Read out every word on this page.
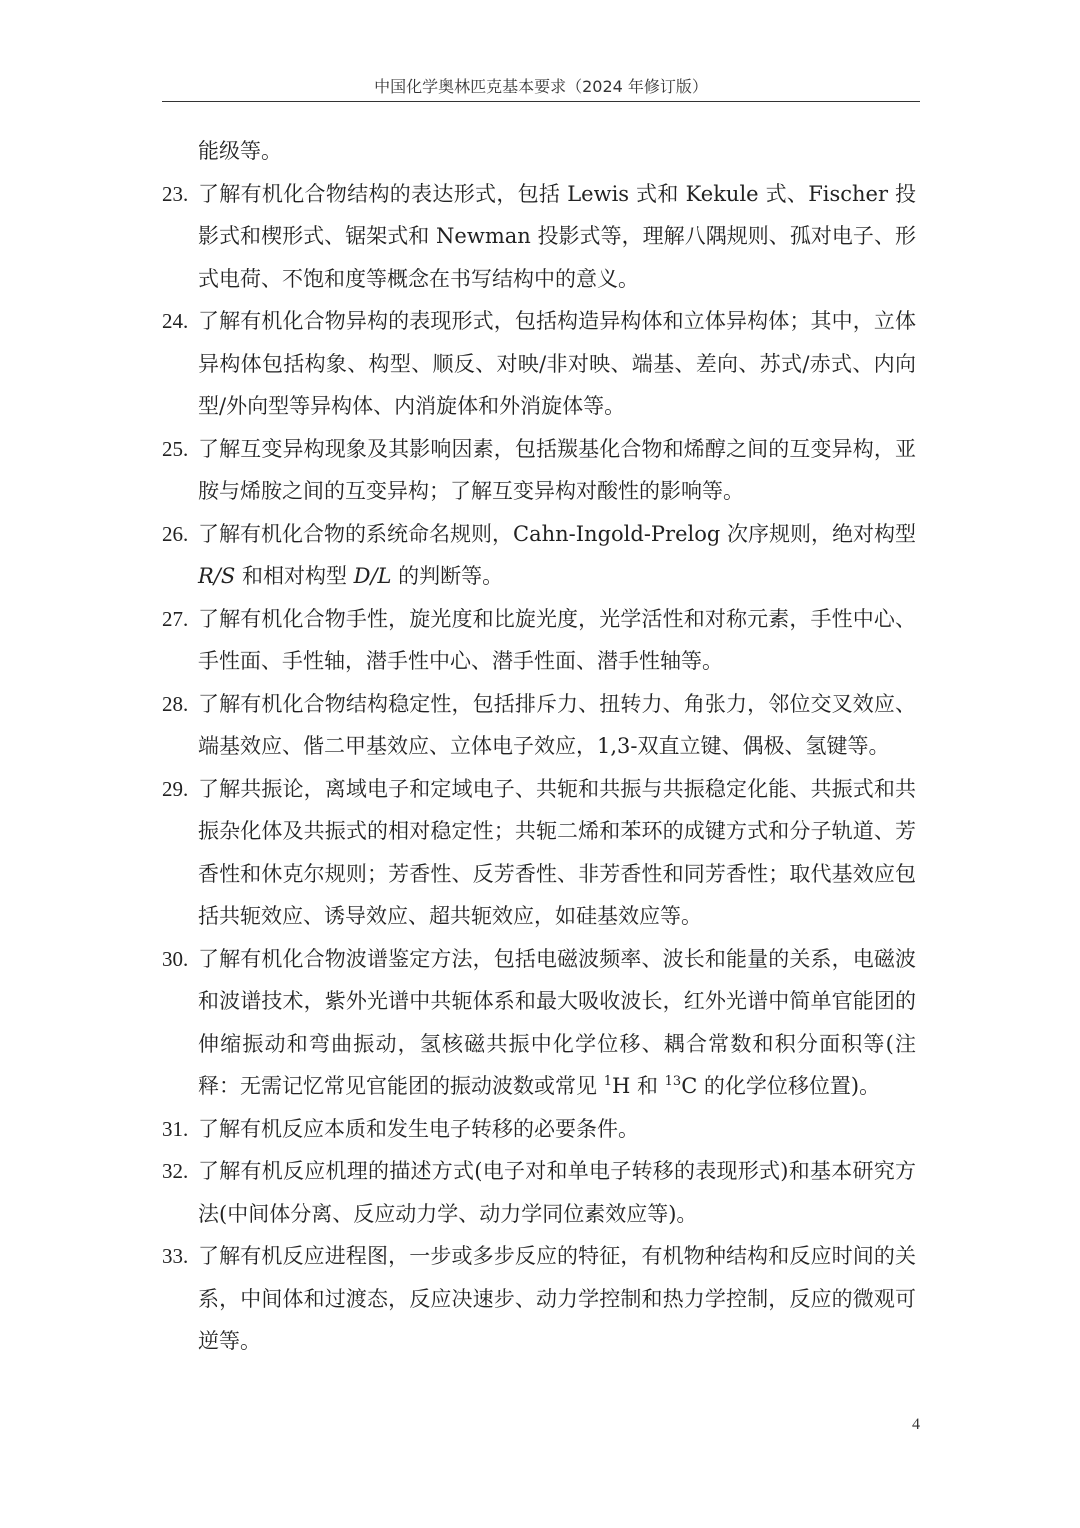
中国化学奥林匹克基本要求（2024 年修订版）
能级等。
23. 了解有机化合物结构的表达形式，包括 Lewis 式和 Kekule 式、Fischer 投影式和楔形式、锯架式和 Newman 投影式等，理解八隅规则、孤对电子、形式电荷、不饱和度等概念在书写结构中的意义。
24. 了解有机化合物异构的表现形式，包括构造异构体和立体异构体；其中，立体异构体包括构象、构型、顺反、对映/非对映、端基、差向、苏式/赤式、内向型/外向型等异构体、内消旋体和外消旋体等。
25. 了解互变异构现象及其影响因素，包括羰基化合物和烯醇之间的互变异构，亚胺与烯胺之间的互变异构；了解互变异构对酸性的影响等。
26. 了解有机化合物的系统命名规则，Cahn-Ingold-Prelog 次序规则，绝对构型 R/S 和相对构型 D/L 的判断等。
27. 了解有机化合物手性，旋光度和比旋光度，光学活性和对称元素，手性中心、手性面、手性轴，潜手性中心、潜手性面、潜手性轴等。
28. 了解有机化合物结构稳定性，包括排斥力、扭转力、角张力，邻位交叉效应、端基效应、偕二甲基效应、立体电子效应，1,3-双直立键、偶极、氢键等。
29. 了解共振论，离域电子和定域电子、共轭和共振与共振稳定化能、共振式和共振杂化体及共振式的相对稳定性；共轭二烯和苯环的成键方式和分子轨道、芳香性和休克尔规则；芳香性、反芳香性、非芳香性和同芳香性；取代基效应包括共轭效应、诱导效应、超共轭效应，如硅基效应等。
30. 了解有机化合物波谱鉴定方法，包括电磁波频率、波长和能量的关系，电磁波和波谱技术，紫外光谱中共轭体系和最大吸收波长，红外光谱中简单官能团的伸缩振动和弯曲振动，氢核磁共振中化学位移、耦合常数和积分面积等(注释：无需记忆常见官能团的振动波数或常见 $^1$H 和 $^{13}$C 的化学位移位置)。
31. 了解有机反应本质和发生电子转移的必要条件。
32. 了解有机反应机理的描述方式(电子对和单电子转移的表现形式)和基本研究方法(中间体分离、反应动力学、动力学同位素效应等)。
33. 了解有机反应进程图，一步或多步反应的特征，有机物种结构和反应时间的关系，中间体和过渡态，反应决速步、动力学控制和热力学控制，反应的微观可逆等。
4
